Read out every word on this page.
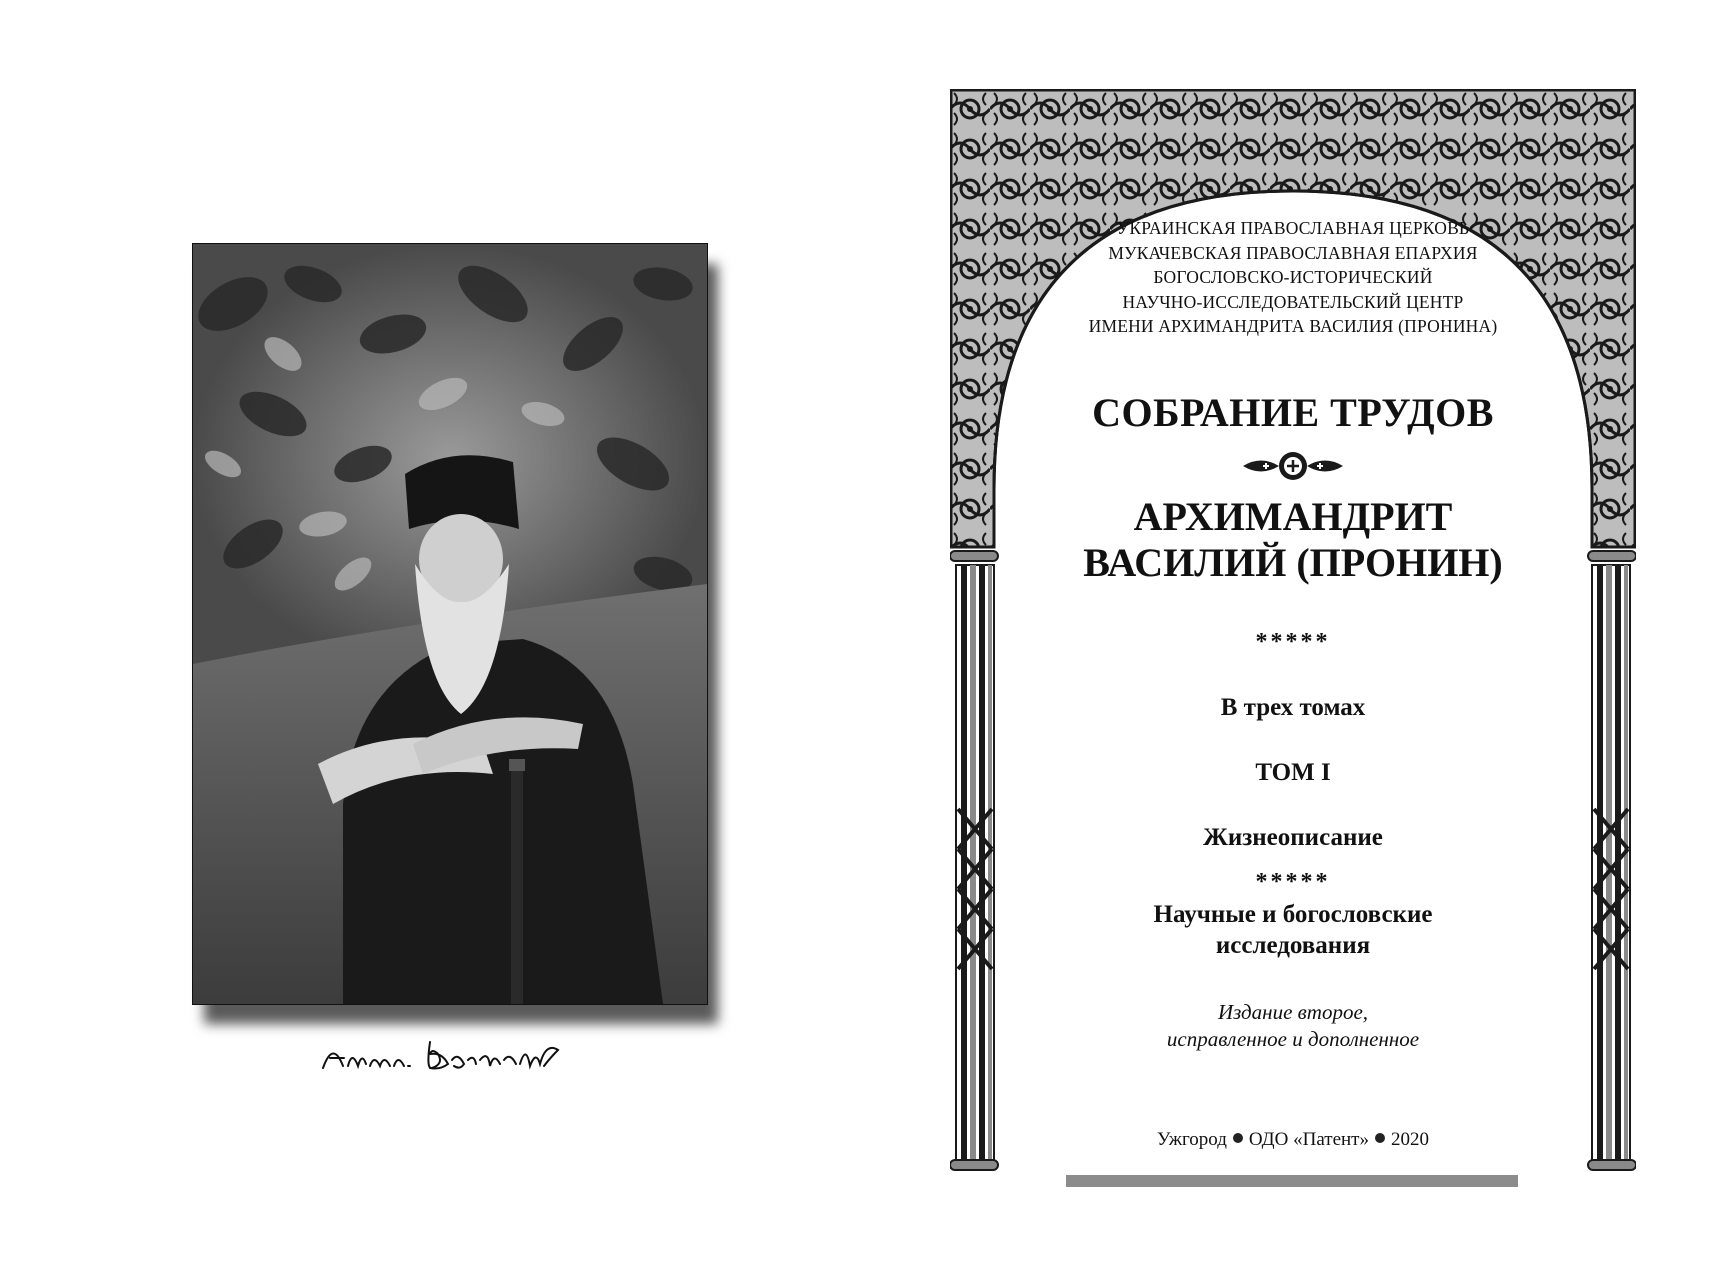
УКРАИНСКАЯ ПРАВОСЛАВНАЯ ЦЕРКОВЬ
МУКАЧЕВСКАЯ ПРАВОСЛАВНАЯ ЕПАРХИЯ
БОГОСЛОВСКО-ИСТОРИЧЕСКИЙ
НАУЧНО-ИССЛЕДОВАТЕЛЬСКИЙ ЦЕНТР
ИМЕНИ АРХИМАНДРИТА ВАСИЛИЯ (ПРОНИНА)
СОБРАНИЕ ТРУДОВ
АРХИМАНДРИТ
ВАСИЛИЙ (ПРОНИН)
*****
В трех томах
ТОМ I
Жизнеописание
*****
Научные и богословские
исследования
Издание второе,
исправленное и дополненное
Ужгород ОДО «Патент» 2020
